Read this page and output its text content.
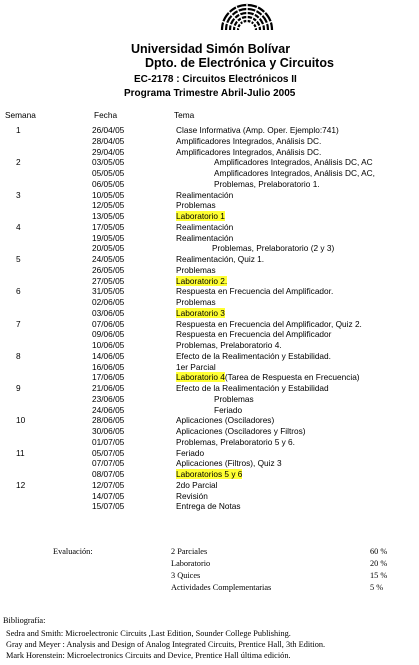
Universidad Simón Bolívar
Dpto. de Electrónica y Circuitos
EC-2178 : Circuitos Electrónicos II
Programa Trimestre Abril-Julio 2005
Semana	Fecha	Tema
1	26/04/05	Clase Informativa (Amp. Oper. Ejemplo:741)
28/04/05	Amplificadores Integrados, Análisis DC.
29/04/05	Amplificadores Integrados, Análisis DC.
2	03/05/05	Amplificadores Integrados, Análisis DC, AC
05/05/05	Amplificadores Integrados, Análisis DC, AC,
06/05/05	Problemas, Prelaboratorio 1.
3	10/05/05	Realimentación
12/05/05	Problemas
13/05/05	Laboratorio 1
4	17/05/05	Realimentación
19/05/05	Realimentación
20/05/05	Problemas, Prelaboratorio (2 y 3)
5	24/05/05	Realimentación, Quiz 1.
26/05/05	Problemas
27/05/05	Laboratorio 2.
6	31/05/05	Respuesta en Frecuencia del Amplificador.
02/06/05	Problemas
03/06/05	Laboratorio 3
7	07/06/05	Respuesta en Frecuencia del Amplificador, Quiz 2.
09/06/05	Respuesta en Frecuencia del Amplificador
10/06/05	Problemas, Prelaboratorio 4.
8	14/06/05	Efecto de la Realimentación y Estabilidad.
16/06/05	1er Parcial
17/06/05	Laboratorio 4(Tarea de Respuesta en Frecuencia)
9	21/06/05	Efecto de la Realimentación y Estabilidad
23/06/05	Problemas
24/06/05	Feriado
10	28/06/05	Aplicaciones (Osciladores)
30/06/05	Aplicaciones (Osciladores y Filtros)
01/07/05	Problemas, Prelaboratorio 5 y 6.
11	05/07/05	Feriado
07/07/05	Aplicaciones (Filtros), Quiz 3
08/07/05	Laboratorios 5 y 6
12	12/07/05	2do Parcial
14/07/05	Revisión
15/07/05	Entrega de Notas
Evaluación:	2 Parciales	60 %
Laboratorio	20 %
3 Quices	15 %
Actividades Complementarias	5 %
Bibliografía:
Sedra and Smith: Microelectronic Circuits ,Last Edition, Sounder College Publishing.
Gray and Meyer : Analysis and Design of Analog Integrated Circuits, Prentice Hall, 3th Edition.
Mark Horenstein: Microelectronics Circuits and Device, Prentice Hall última edición.
